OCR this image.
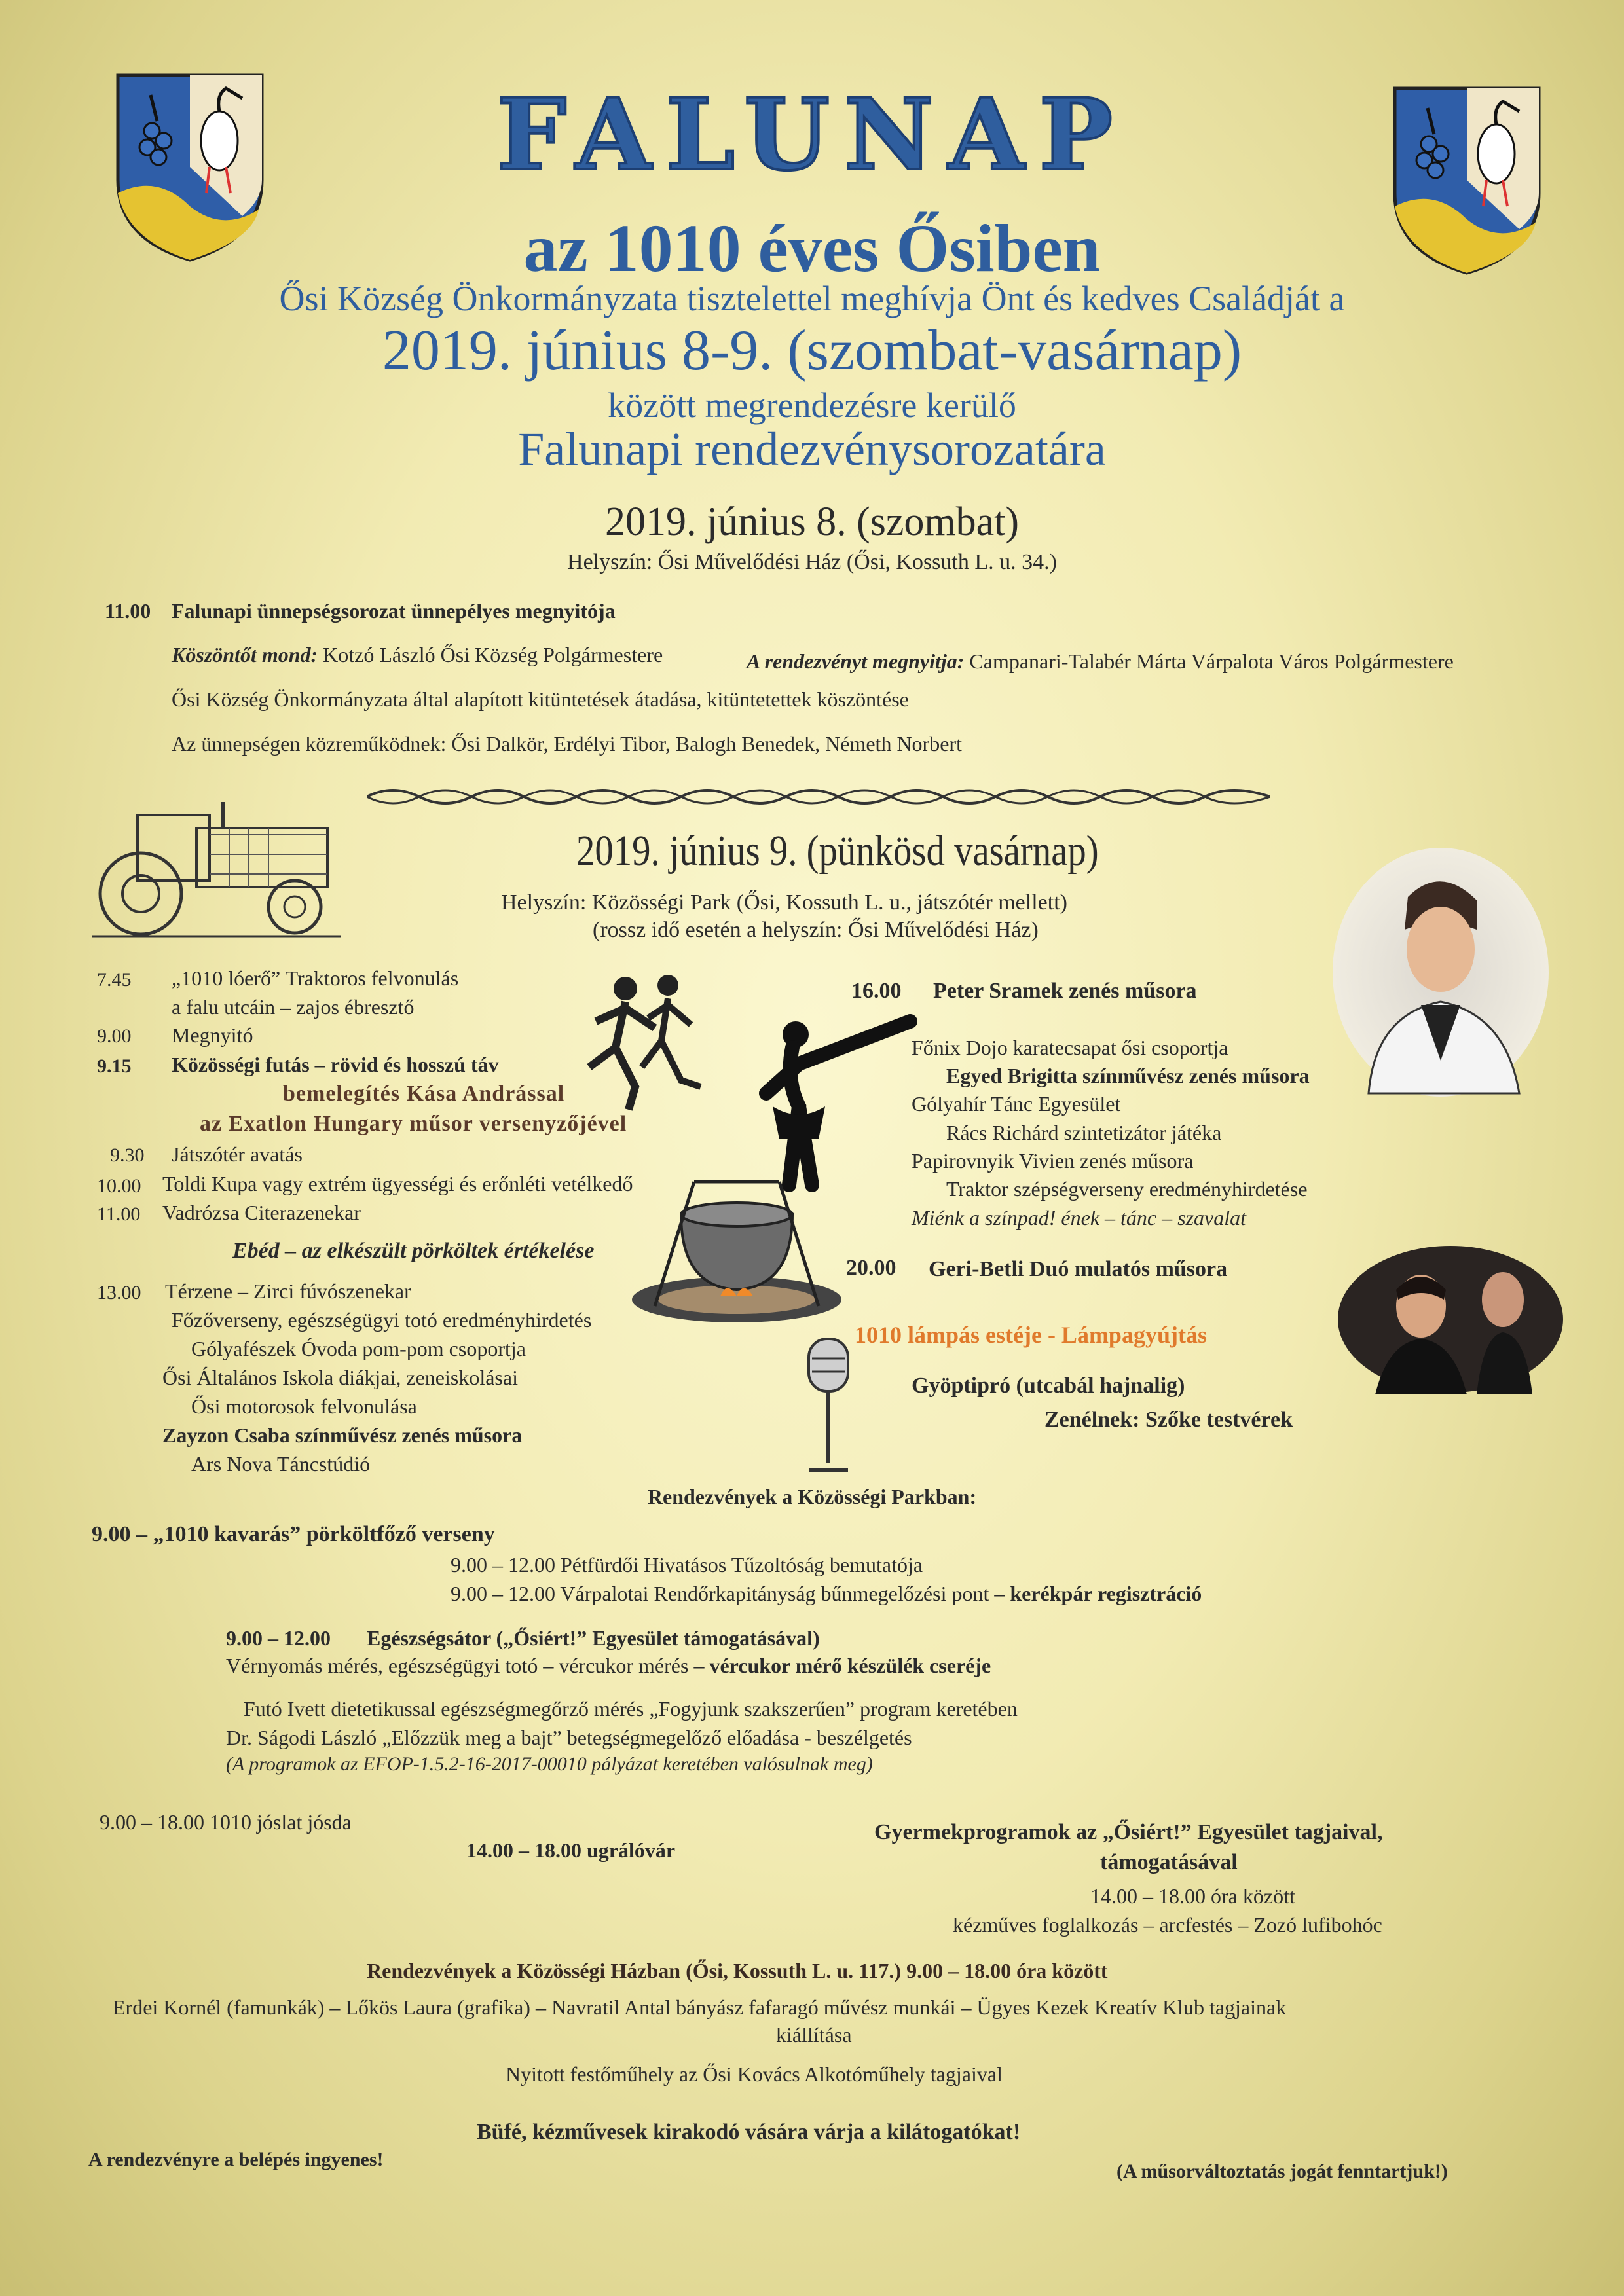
FALUNAP
az 1010 éves Ősiben
Ősi Község Önkormányzata tisztelettel meghívja Önt és kedves Családját a
2019. június 8-9. (szombat-vasárnap)
között megrendezésre kerülő
Falunapi rendezvénysorozatára
2019. június 8. (szombat)
Helyszín: Ősi Művelődési Ház (Ősi, Kossuth L. u. 34.)
11.00 Falunapi ünnepségsorozat ünnepélyes megnyitója
Köszöntőt mond: Kotzó László Ősi Község Polgármestere	A rendezvényt megnyitja: Campanari-Talabér Márta Várpalota Város Polgármestere
Ősi Község Önkormányzata által alapított kitüntetések átadása, kitüntetettek köszöntése
Az ünnepségen közreműködnek: Ősi Dalkör, Erdélyi Tibor, Balogh Benedek, Németh Norbert
2019. június 9. (pünkösd vasárnap)
Helyszín: Közösségi Park (Ősi, Kossuth L. u., játszótér mellett)
(rossz idő esetén a helyszín: Ősi Művelődési Ház)
7.45 „1010 lóerő” Traktoros felvonulás
a falu utcáin – zajos ébresztő
9.00 Megnyitó
9.15 Közösségi futás – rövid és hosszú táv
bemelegítés Kása Andrással
az Exatlon Hungary műsor versenyzőjével
9.30 Játszótér avatás
10.00 Toldi Kupa vagy extrém ügyességi és erőnléti vetélkedő
11.00 Vadrózsa Citerazenekar
Ebéd – az elkészült pörköltek értékelése
13.00 Térzene – Zirci fúvószenekar
Főzőverseny, egészségügyi totó eredményhirdetés
Gólyafészek Óvoda pom-pom csoportja
Ősi Általános Iskola diákjai, zeneiskolásai
Ősi motorosok felvonulása
Zayzon Csaba színművész zenés műsora
Ars Nova Táncstúdió
16.00 Peter Sramek zenés műsora
Főnix Dojo karatecsapat ősi csoportja
Egyed Brigitta színművész zenés műsora
Gólyahír Tánc Egyesület
Rács Richárd szintetizátor játéka
Papirovnyik Vivien zenés műsora
Traktor szépségverseny eredményhirdetése
Miénk a színpad! ének – tánc – szavalat
20.00 Geri-Betli Duó mulatós műsora
1010 lámpás estéje - Lámpagyújtás
Gyöptipró (utcabál hajnalig)
Zenélnek: Szőke testvérek
Rendezvények a Közösségi Parkban:
9.00 – „1010 kavarás” pörköltfőző verseny
9.00 – 12.00 Pétfürdői Hivatásos Tűzoltóság bemutatója
9.00 – 12.00 Várpalotai Rendőrkapitányság bűnmegelőzési pont – kerékpár regisztráció
9.00 – 12.00 Egészségsátor („Ősiért!” Egyesület támogatásával)
Vérnyomás mérés, egészségügyi totó – vércukor mérés – vércukor mérő készülék cseréje
Futó Ivett dietetikussal egészségmegőrző mérés „Fogyjunk szakszerűen” program keretében
Dr. Ságodi László „Előzzük meg a bajt” betegségmegelőző előadása - beszélgetés
(A programok az EFOP-1.5.2-16-2017-00010 pályázat keretében valósulnak meg)
9.00 – 18.00 1010 jóslat jósda
14.00 – 18.00 ugrálóvár
Gyermekprogramok az „Ősiért!” Egyesület tagjaival,
támogatásával
14.00 – 18.00 óra között
kézműves foglalkozás – arcfestés – Zozó lufibohóc
Rendezvények a Közösségi Házban (Ősi, Kossuth L. u. 117.) 9.00 – 18.00 óra között
Erdei Kornél (famunkák) – Lőkös Laura (grafika) – Navratil Antal bányász fafaragó művész munkái – Ügyes Kezek Kreatív Klub tagjainak
kiállítása
Nyitott festőműhely az Ősi Kovács Alkotóműhely tagjaival
A rendezvényre a belépés ingyenes!
Büfé, kézművesek kirakodó vására várja a kilátogatókat!
(A műsorváltoztatás jogát fenntartjuk!)
